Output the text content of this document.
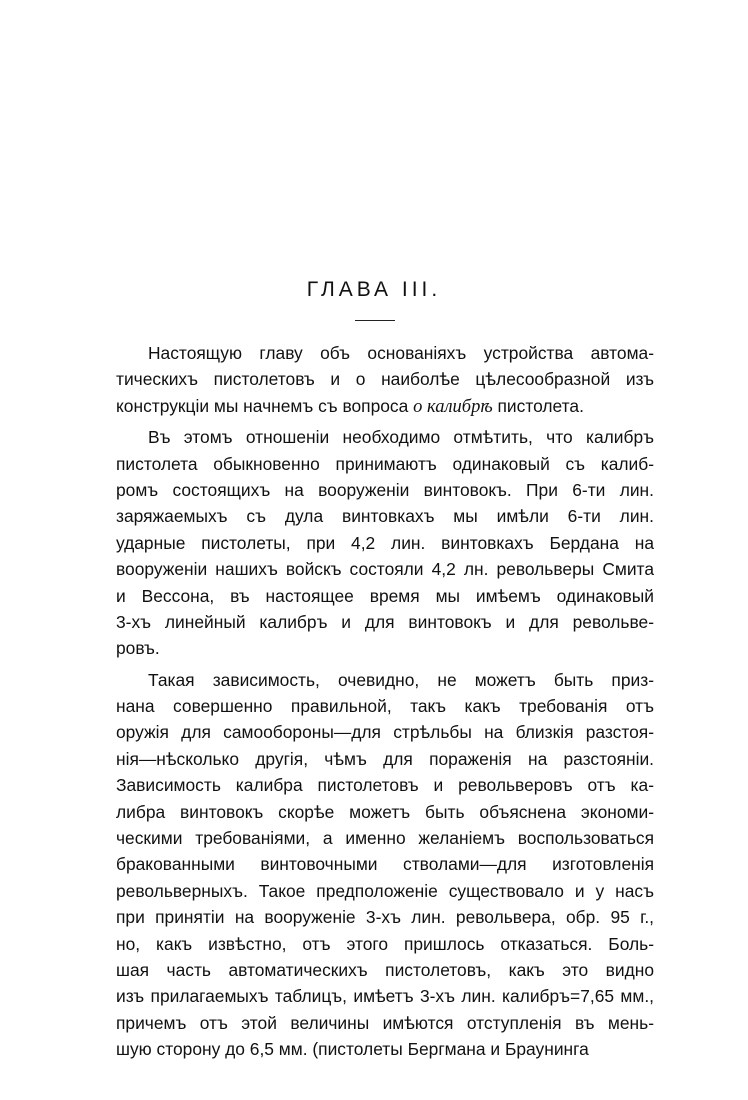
ГЛАВА III.
Настоящую главу объ основаніяхъ устройства автома-
тическихъ пистолетовъ и о наиболѣе цѣлесообразной изъ
конструкціи мы начнемъ съ вопроса о калибрѣ пистолета.
Въ этомъ отношеніи необходимо отмѣтить, что калибръ
пистолета обыкновенно принимаютъ одинаковый съ калиб-
ромъ состоящихъ на вооруженіи винтовокъ. При 6-ти лин.
заряжаемыхъ съ дула винтовкахъ мы имѣли 6-ти лин.
ударные пистолеты, при 4,2 лин. винтовкахъ Бердана на
вооруженіи нашихъ войскъ состояли 4,2 лн. револьверы Смита
и Вессона, въ настоящее время мы имѣемъ одинаковый
3-хъ линейный калибръ и для винтовокъ и для револьве-
ровъ.
Такая зависимость, очевидно, не можетъ быть приз-
нана совершенно правильной, такъ какъ требованія отъ
оружія для самообороны—для стрѣльбы на близкія разстоя-
нія—нѣсколько другія, чѣмъ для пораженія на разстояніи.
Зависимость калибра пистолетовъ и револьверовъ отъ ка-
либра винтовокъ скорѣе можетъ быть объяснена экономи-
ческими требованіями, а именно желаніемъ воспользоваться
бракованными винтовочными стволами—для изготовленія
револьверныхъ. Такое предположеніе существовало и у насъ
при принятіи на вооруженіе 3-хъ лин. револьвера, обр. 95 г.,
но, какъ извѣстно, отъ этого пришлось отказаться. Боль-
шая часть автоматическихъ пистолетовъ, какъ это видно
изъ прилагаемыхъ таблицъ, имѣетъ 3-хъ лин. калибръ=7,65 мм.,
причемъ отъ этой величины имѣются отступленія въ мень-
шую сторону до 6,5 мм. (пистолеты Бергмана и Браунинга
